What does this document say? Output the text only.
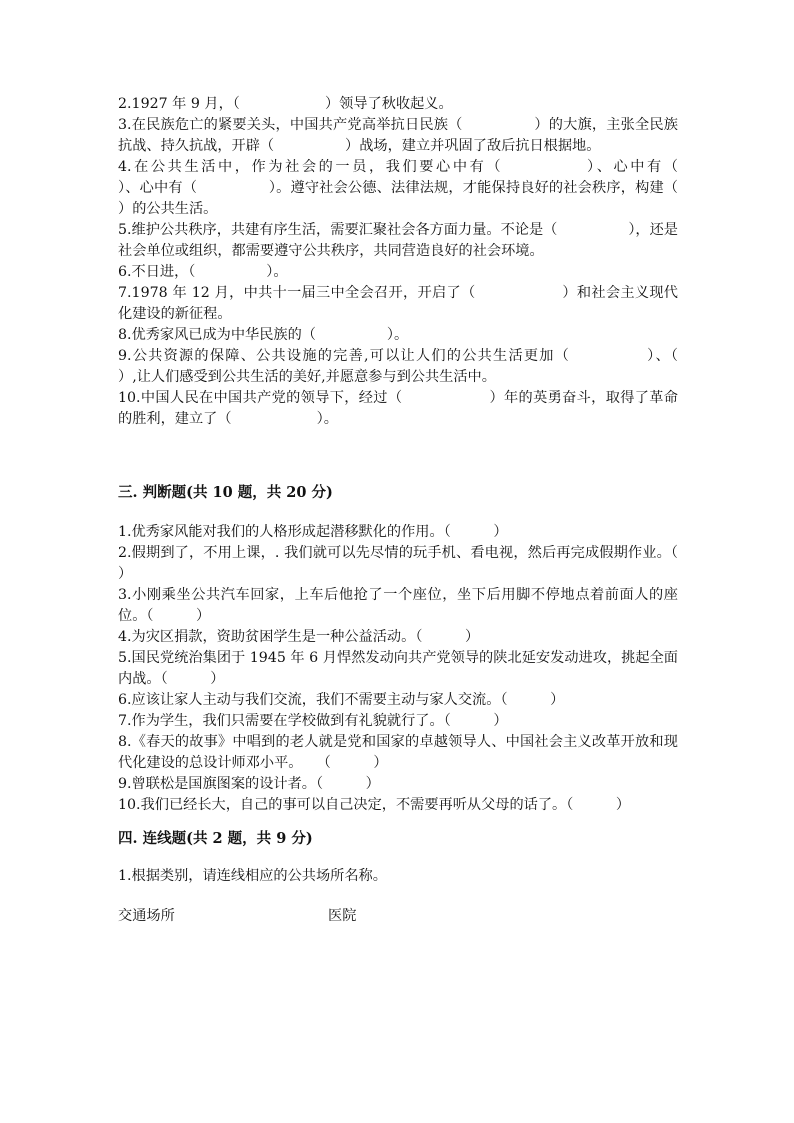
2.1927 年 9 月，（　　　　　　）领导了秋收起义。

3.在民族危亡的紧要关头，中国共产党高举抗日民族（　　　　　）的大旗，主张全民族抗战、持久抗战，开辟（　　　　　）战场，建立并巩固了敌后抗日根据地。

4.在公共生活中，作为社会的一员，我们要心中有（　　　　　）、心中有（　　　　　）、心中有（　　　　　）。遵守社会公德、法律法规，才能保持良好的社会秩序，构建（　　　　　）的公共生活。

5.维护公共秩序，共建有序生活，需要汇聚社会各方面力量。不论是（　　　　　），还是社会单位或组织，都需要遵守公共秩序，共同营造良好的社会环境。

6.不日进，（　　　　　）。

7.1978 年 12 月，中共十一届三中全会召开，开启了（　　　　　　）和社会主义现代化建设的新征程。

8.优秀家风已成为中华民族的（　　　　　）。

9.公共资源的保障、公共设施的完善,可以让人们的公共生活更加（　　　　　）、（　　　　　）,让人们感受到公共生活的美好,并愿意参与到公共生活中。

10.中国人民在中国共产党的领导下，经过（　　　　　　）年的英勇奋斗，取得了革命的胜利，建立了（　　　　　　）。

三. 判断题(共 10 题，共 20 分)

1.优秀家风能对我们的人格形成起潜移默化的作用。（　　　）

2.假期到了，不用上课，. 我们就可以先尽情的玩手机、看电视，然后再完成假期作业。（　　　）

3.小刚乘坐公共汽车回家，上车后他抢了一个座位，坐下后用脚不停地点着前面人的座位。（　　　）

4.为灾区捐款，资助贫困学生是一种公益活动。（　　　）

5.国民党统治集团于 1945 年 6 月悍然发动向共产党领导的陕北延安发动进攻，挑起全面内战。（　　　）

6.应该让家人主动与我们交流，我们不需要主动与家人交流。（　　　）

7.作为学生，我们只需要在学校做到有礼貌就行了。（　　　）

8.《春天的故事》中唱到的老人就是党和国家的卓越领导人、中国社会主义改革开放和现代化建设的总设计师邓小平。　　（　　　）

9.曾联松是国旗图案的设计者。（　　　）

10.我们已经长大，自己的事可以自己决定，不需要再听从父母的话了。（　　　）

四. 连线题(共 2 题，共 9 分)

1.根据类别，请连线相应的公共场所名称。

交通场所	医院
